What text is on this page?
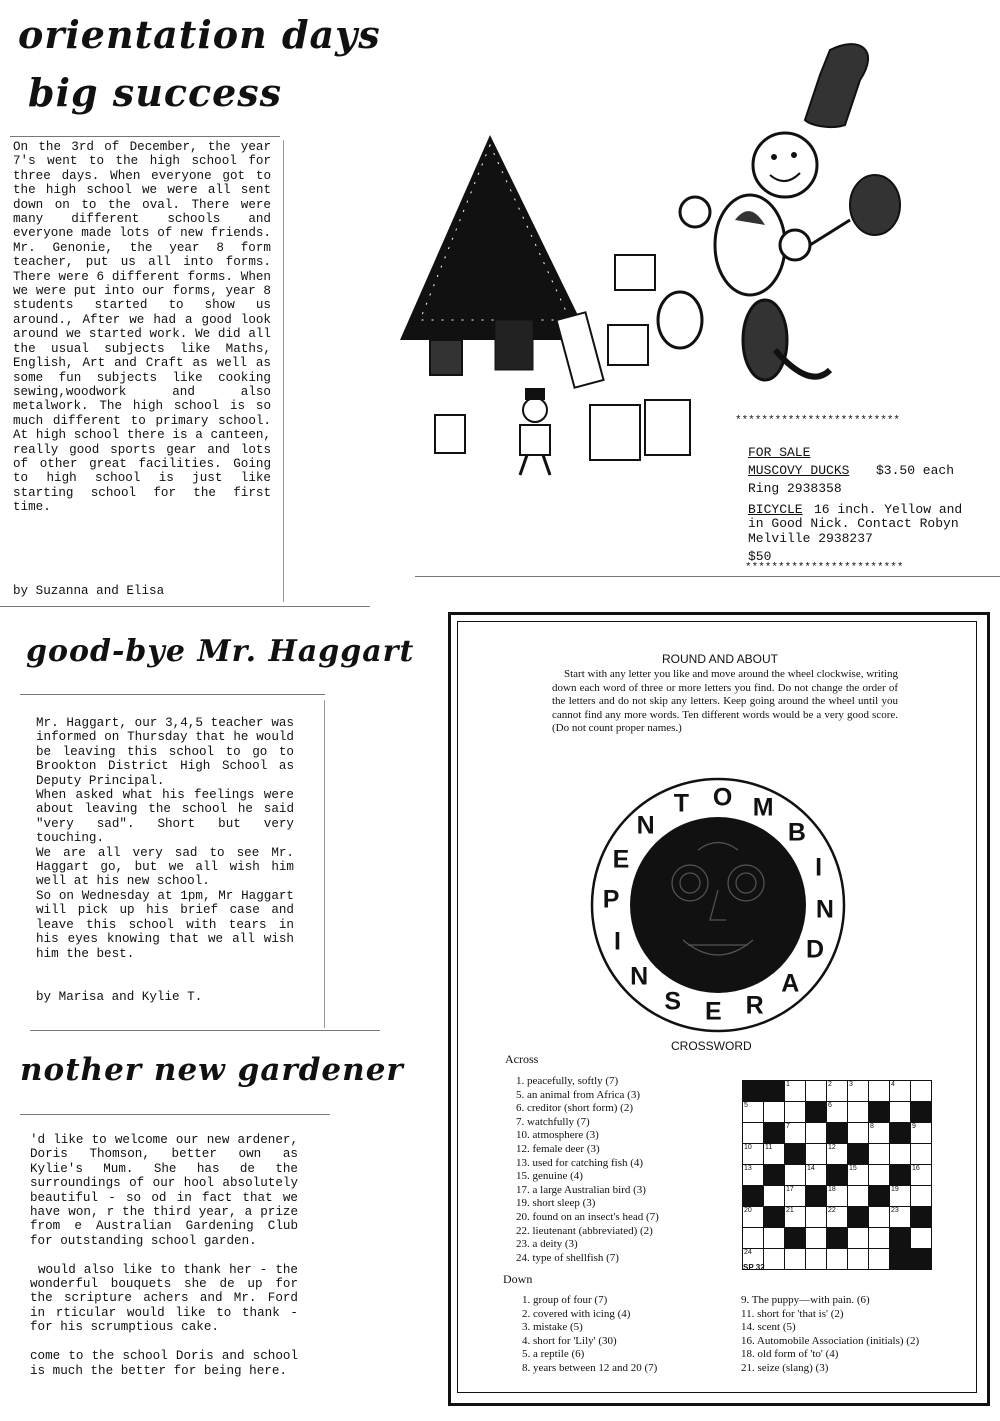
orientation days
big success
On the 3rd of December, the year 7's went to the high school for three days. When everyone got to the high school we were all sent down on to the oval. There were many different schools and everyone made lots of new friends. Mr. Genonie, the year 8 form teacher, put us all into forms. There were 6 different forms. When we were put into our forms, year 8 students started to show us around., After we had a good look around we started work. We did all the usual subjects like Maths, English, Art and Craft as well as some fun subjects like cooking sewing,woodwork and also metalwork. The high school is so much different to primary school. At high school there is a canteen, really good sports gear and lots of other great facilities. Going to high school is just like starting school for the first time.
by Suzanna and Elisa
*************************
FOR SALE
MUSCOVY DUCKS $3.50 each
Ring 2938358
BICYCLE 16 inch. Yellow and in Good Nick. Contact Robyn Melville 2938237
$50
************************
good-bye Mr. Haggart
Mr. Haggart, our 3,4,5 teacher was informed on Thursday that he would be leaving this school to go to Brookton District High School as Deputy Principal.
When asked what his feelings were about leaving the school he said "very sad". Short but very touching.
We are all very sad to see Mr. Haggart go, but we all wish him well at his new school.
So on Wednesday at 1pm, Mr Haggart will pick up his brief case and leave this school with tears in his eyes knowing that we all wish him the best.
by Marisa and Kylie T.
nother new gardener
'd like to welcome our new ardener, Doris Thomson, better own as Kylie's Mum. She has de the surroundings of our hool absolutely beautiful - so od in fact that we have won, r the third year, a prize from e Australian Gardening Club for outstanding school garden.

would also like to thank her - the wonderful bouquets she de up for the scripture achers and Mr. Ford in rticular would like to thank - for his scrumptious cake.

come to the school Doris and school is much the better for being here.
ROUND AND ABOUT
Start with any letter you like and move around the wheel clockwise, writing down each word of three or more letters you find. Do not change the order of the letters and do not skip any letters. Keep going around the wheel until you cannot find any more words. Ten different words would be a very good score. (Do not count proper names.)
T O M
B
I
N
D
A
R
E
S
N
I
P
E
N
CROSSWORD
Across
1. peacefully, softly (7)
5. an animal from Africa (3)
6. creditor (short form) (2)
7. watchfully (7)
10. atmosphere (3)
12. female deer (3)
13. used for catching fish (4)
15. genuine (4)
17. a large Australian bird (3)
19. short sleep (3)
20. found on an insect's head (7)
22. lieutenant (abbreviated) (2)
23. a deity (3)
24. type of shellfish (7)
Down
1. group of four (7)
2. covered with icing (4)
3. mistake (5)
4. short for 'Lily' (30)
5. a reptile (6)
8. years between 12 and 20 (7)
9. The puppy—with pain. (6)
11. short for 'that is' (2)
14. scent (5)
16. Automobile Association (initials) (2)
18. old form of 'to' (4)
21. seize (slang) (3)

		1		2	3		4	

5				6				

		7				8		9

10	11			12				

13			14		15			16

		17		18			19	

20		21		22			23	

24								

SP 32
